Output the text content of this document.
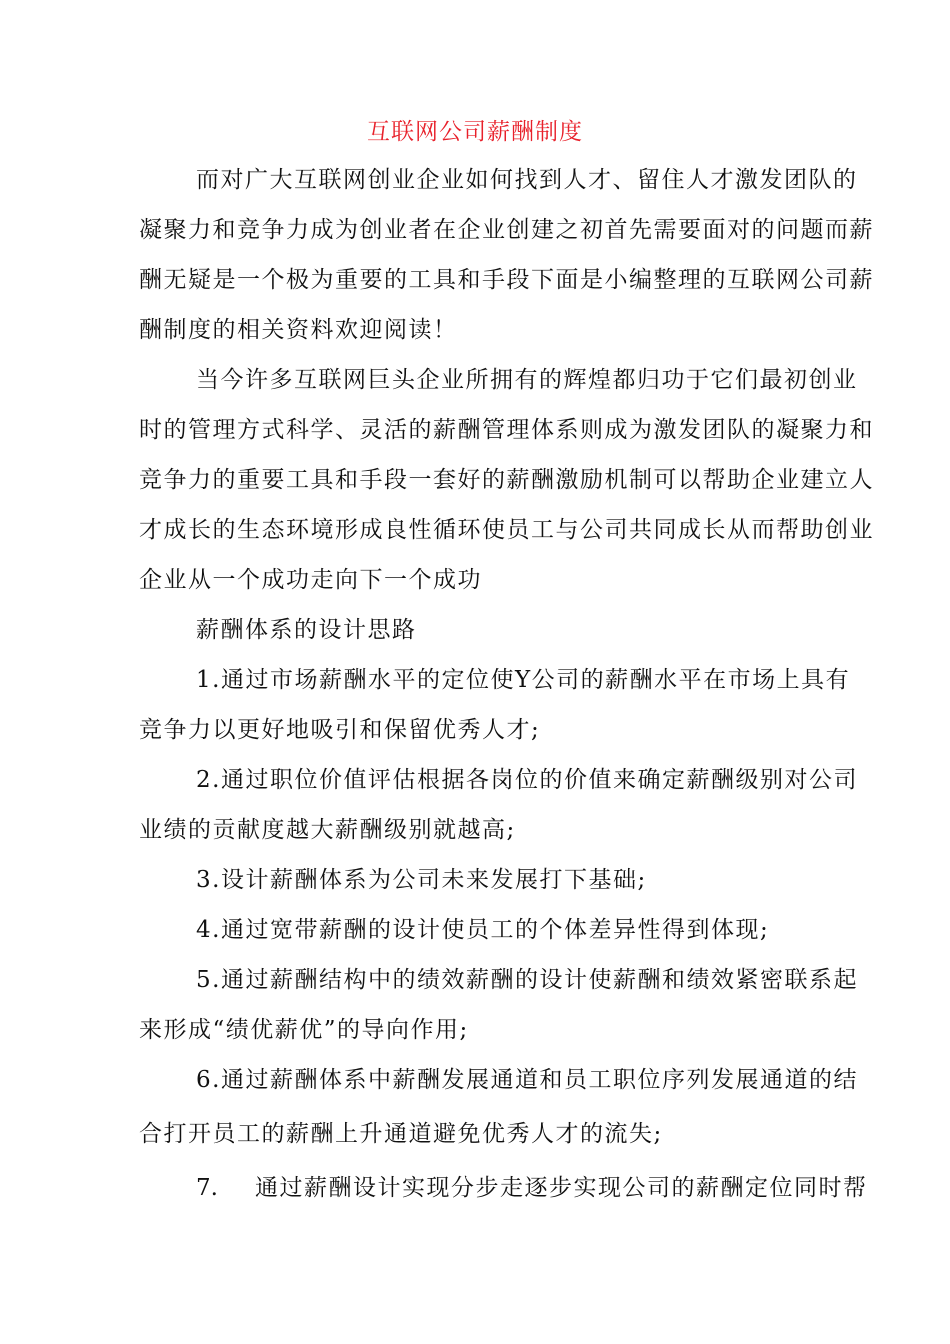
互联网公司薪酬制度
而对广大互联网创业企业如何找到人才、留住人才激发团队的
凝聚力和竞争力成为创业者在企业创建之初首先需要面对的问题而薪
酬无疑是一个极为重要的工具和手段下面是小编整理的互联网公司薪
酬制度的相关资料欢迎阅读！
当今许多互联网巨头企业所拥有的辉煌都归功于它们最初创业
时的管理方式科学、灵活的薪酬管理体系则成为激发团队的凝聚力和
竞争力的重要工具和手段一套好的薪酬激励机制可以帮助企业建立人
才成长的生态环境形成良性循环使员工与公司共同成长从而帮助创业
企业从一个成功走向下一个成功
薪酬体系的设计思路
1.通过市场薪酬水平的定位使Y公司的薪酬水平在市场上具有
竞争力以更好地吸引和保留优秀人才;
2.通过职位价值评估根据各岗位的价值来确定薪酬级别对公司
业绩的贡献度越大薪酬级别就越高;
3.设计薪酬体系为公司未来发展打下基础;
4.通过宽带薪酬的设计使员工的个体差异性得到体现;
5.通过薪酬结构中的绩效薪酬的设计使薪酬和绩效紧密联系起
来形成“绩优薪优”的导向作用;
6.通过薪酬体系中薪酬发展通道和员工职位序列发展通道的结
合打开员工的薪酬上升通道避免优秀人才的流失;
7. 通过薪酬设计实现分步走逐步实现公司的薪酬定位同时帮
